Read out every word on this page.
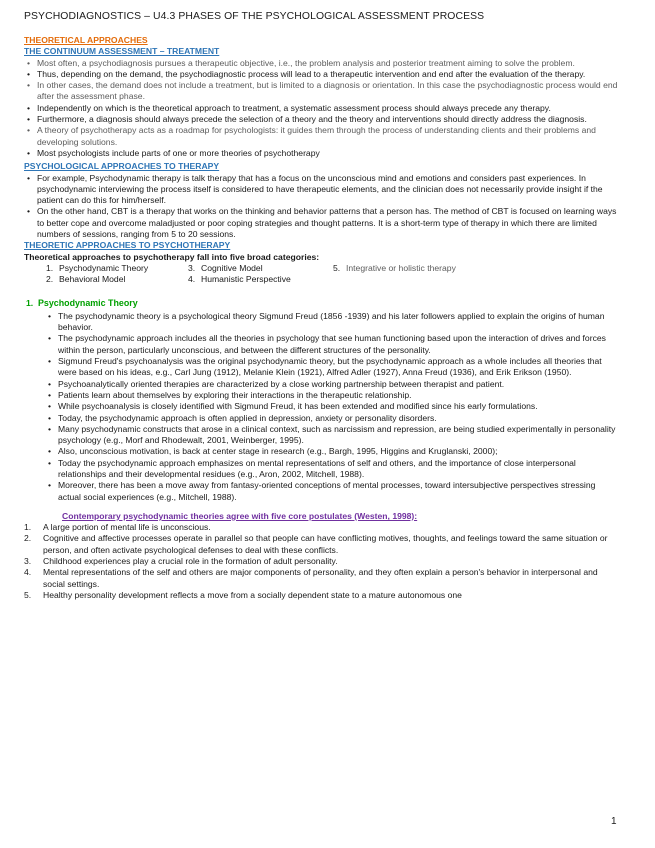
PSYCHODIAGNOSTICS – U4.3 PHASES OF THE PSYCHOLOGICAL ASSESSMENT PROCESS
THEORETICAL APPROACHES
THE CONTINUUM ASSESSMENT – TREATMENT
• Most often, a psychodiagnosis pursues a therapeutic objective, i.e., the problem analysis and posterior treatment aiming to solve the problem.
• Thus, depending on the demand, the psychodiagnostic process will lead to a therapeutic intervention and end after the evaluation of the therapy.
• In other cases, the demand does not include a treatment, but is limited to a diagnosis or orientation. In this case the psychodiagnostic process would end after the assessment phase.
• Independently on which is the theoretical approach to treatment, a systematic assessment process should always precede any therapy.
• Furthermore, a diagnosis should always precede the selection of a theory and the theory and interventions should directly address the diagnosis.
• A theory of psychotherapy acts as a roadmap for psychologists: it guides them through the process of understanding clients and their problems and developing solutions.
• Most psychologists include parts of one or more theories of psychotherapy
PSYCHOLOGICAL APPROACHES TO THERAPY
• For example, Psychodynamic therapy is talk therapy that has a focus on the unconscious mind and emotions and considers past experiences. In psychodynamic interviewing the process itself is considered to have therapeutic elements, and the clinician does not necessarily provide insight if the patient can do this for him/herself.
• On the other hand, CBT is a therapy that works on the thinking and behavior patterns that a person has. The method of CBT is focused on learning ways to better cope and overcome maladjusted or poor coping strategies and thought patterns. It is a short-term type of therapy in which there are limited numbers of sessions, ranging from 5 to 20 sessions.
THEORETIC APPROACHES TO PSYCHOTHERAPY
Theoretical approaches to psychotherapy fall into five broad categories:
1. Psychodynamic Theory	3. Cognitive Model	5. Integrative or holistic therapy
2. Behavioral Model	4. Humanistic Perspective
1. Psychodynamic Theory
• The psychodynamic theory is a psychological theory Sigmund Freud (1856 -1939) and his later followers applied to explain the origins of human behavior.
• The psychodynamic approach includes all the theories in psychology that see human functioning based upon the interaction of drives and forces within the person, particularly unconscious, and between the different structures of the personality.
• Sigmund Freud's psychoanalysis was the original psychodynamic theory, but the psychodynamic approach as a whole includes all theories that were based on his ideas, e.g., Carl Jung (1912), Melanie Klein (1921), Alfred Adler (1927), Anna Freud (1936), and Erik Erikson (1950).
• Psychoanalytically oriented therapies are characterized by a close working partnership between therapist and patient.
• Patients learn about themselves by exploring their interactions in the therapeutic relationship.
• While psychoanalysis is closely identified with Sigmund Freud, it has been extended and modified since his early formulations.
• Today, the psychodynamic approach is often applied in depression, anxiety or personality disorders.
• Many psychodynamic constructs that arose in a clinical context, such as narcissism and repression, are being studied experimentally in personality psychology (e.g., Morf and Rhodewalt, 2001, Weinberger, 1995).
• Also, unconscious motivation, is back at center stage in research (e.g., Bargh, 1995, Higgins and Kruglanski, 2000);
• Today the psychodynamic approach emphasizes on mental representations of self and others, and the importance of close interpersonal relationships and their developmental residues (e.g., Aron, 2002, Mitchell, 1988).
• Moreover, there has been a move away from fantasy-oriented conceptions of mental processes, toward intersubjective perspectives stressing actual social experiences (e.g., Mitchell, 1988).
Contemporary psychodynamic theories agree with five core postulates (Westen, 1998):
1. A large portion of mental life is unconscious.
2. Cognitive and affective processes operate in parallel so that people can have conflicting motives, thoughts, and feelings toward the same situation or person, and often activate psychological defenses to deal with these conflicts.
3. Childhood experiences play a crucial role in the formation of adult personality.
4. Mental representations of the self and others are major components of personality, and they often explain a person's behavior in interpersonal and social settings.
5. Healthy personality development reflects a move from a socially dependent state to a mature autonomous one
1
